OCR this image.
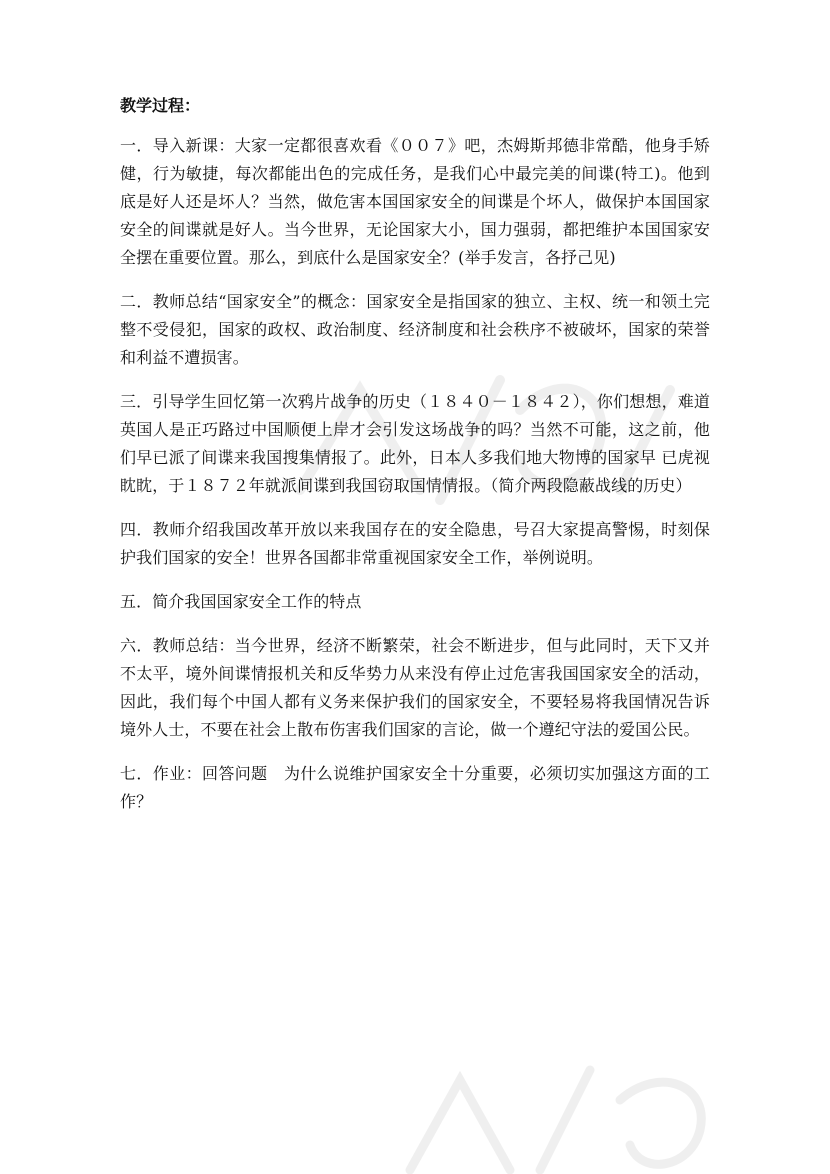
教学过程：

一．导入新课：大家一定都很喜欢看《００７》吧，杰姆斯邦德非常酷，他身手矫健，行为敏捷，每次都能出色的完成任务，是我们心中最完美的间谍(特工)。他到底是好人还是坏人？当然，做危害本国国家安全的间谍是个坏人，做保护本国国家安全的间谍就是好人。当今世界，无论国家大小，国力强弱，都把维护本国国家安全摆在重要位置。那么，到底什么是国家安全？(举手发言，各抒己见)

二．教师总结“国家安全”的概念：国家安全是指国家的独立、主权、统一和领土完整不受侵犯，国家的政权、政治制度、经济制度和社会秩序不被破坏，国家的荣誉和利益不遭损害。

三．引导学生回忆第一次鸦片战争的历史（１８４０－１８４２），你们想想，难道英国人是正巧路过中国顺便上岸才会引发这场战争的吗？当然不可能，这之前，他们早已派了间谍来我国搜集情报了。此外，日本人多我们地大物博的国家早 已虎视眈眈，于１８７２年就派间谍到我国窃取国情情报。（简介两段隐蔽战线的历史）

四．教师介绍我国改革开放以来我国存在的安全隐患，号召大家提高警惕，时刻保护我们国家的安全！世界各国都非常重视国家安全工作，举例说明。

五．简介我国国家安全工作的特点

六．教师总结：当今世界，经济不断繁荣，社会不断进步，但与此同时，天下又并不太平，境外间谍情报机关和反华势力从来没有停止过危害我国国家安全的活动，因此，我们每个中国人都有义务来保护我们的国家安全，不要轻易将我国情况告诉境外人士，不要在社会上散布伤害我们国家的言论，做一个遵纪守法的爱国公民。

七．作业：回答问题　为什么说维护国家安全十分重要，必须切实加强这方面的工作？
